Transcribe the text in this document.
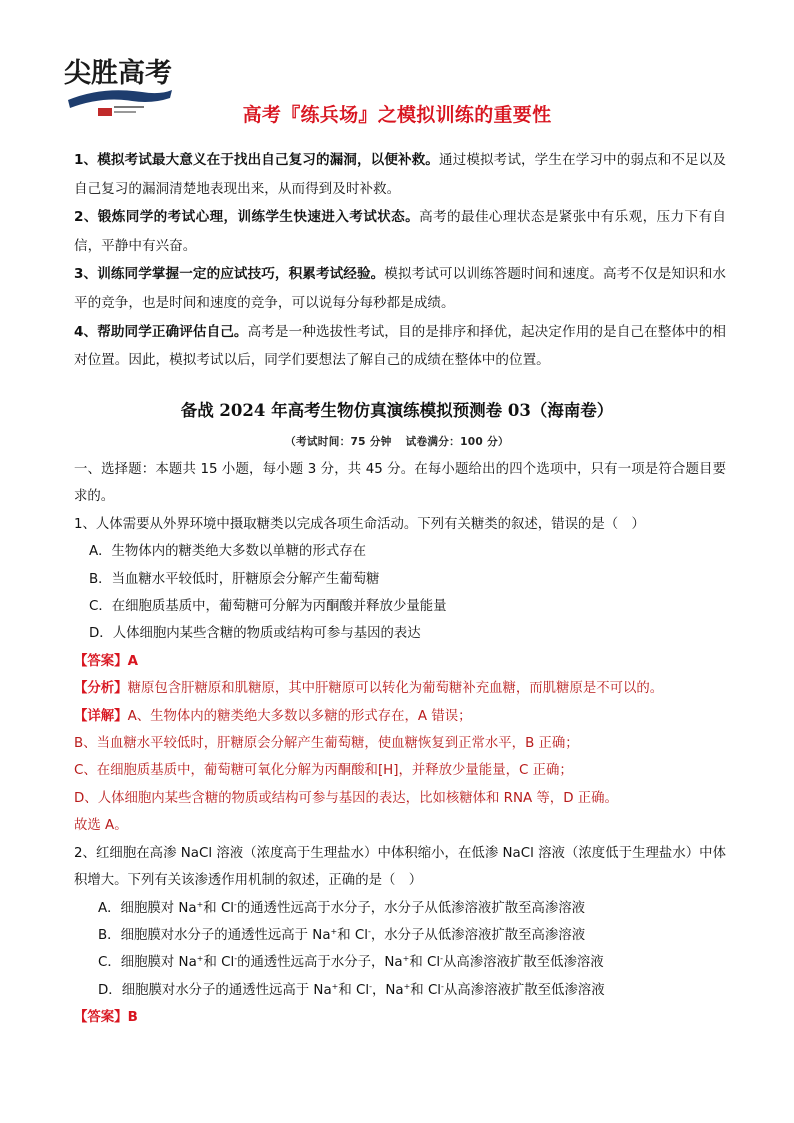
尖胜高考
高考『练兵场』之模拟训练的重要性

1、模拟考试最大意义在于找出自己复习的漏洞，以便补救。通过模拟考试，学生在学习中的弱点和不足以及自己复习的漏洞清楚地表现出来，从而得到及时补救。

2、锻炼同学的考试心理，训练学生快速进入考试状态。高考的最佳心理状态是紧张中有乐观，压力下有自信，平静中有兴奋。

3、训练同学掌握一定的应试技巧，积累考试经验。模拟考试可以训练答题时间和速度。高考不仅是知识和水平的竞争，也是时间和速度的竞争，可以说每分每秒都是成绩。

4、帮助同学正确评估自己。高考是一种选拔性考试，目的是排序和择优，起决定作用的是自己在整体中的相对位置。因此，模拟考试以后，同学们要想法了解自己的成绩在整体中的位置。

备战 2024 年高考生物仿真演练模拟预测卷 03（海南卷）
（考试时间：75 分钟 试卷满分：100 分）
一、选择题：本题共 15 小题，每小题 3 分，共 45 分。在每小题给出的四个选项中，只有一项是符合题目要求的。
1、人体需要从外界环境中摄取糖类以完成各项生命活动。下列有关糖类的叙述，错误的是（　）
A．生物体内的糖类绝大多数以单糖的形式存在
B．当血糖水平较低时，肝糖原会分解产生葡萄糖
C．在细胞质基质中，葡萄糖可分解为丙酮酸并释放少量能量
D．人体细胞内某些含糖的物质或结构可参与基因的表达
【答案】A
【分析】糖原包含肝糖原和肌糖原，其中肝糖原可以转化为葡萄糖补充血糖，而肌糖原是不可以的。
【详解】A、生物体内的糖类绝大多数以多糖的形式存在，A 错误；
B、当血糖水平较低时，肝糖原会分解产生葡萄糖，使血糖恢复到正常水平，B 正确；
C、在细胞质基质中，葡萄糖可氧化分解为丙酮酸和[H]，并释放少量能量，C 正确；
D、人体细胞内某些含糖的物质或结构可参与基因的表达，比如核糖体和 RNA 等，D 正确。
故选 A。
2、红细胞在高渗 NaCl 溶液（浓度高于生理盐水）中体积缩小，在低渗 NaCl 溶液（浓度低于生理盐水）中体积增大。下列有关该渗透作用机制的叙述，正确的是（　）
A．细胞膜对 Na+和 Cl-的通透性远高于水分子，水分子从低渗溶液扩散至高渗溶液
B．细胞膜对水分子的通透性远高于 Na+和 Cl-，水分子从低渗溶液扩散至高渗溶液
C．细胞膜对 Na+和 Cl-的通透性远高于水分子，Na+和 Cl-从高渗溶液扩散至低渗溶液
D．细胞膜对水分子的通透性远高于 Na+和 Cl-，Na+和 Cl-从高渗溶液扩散至低渗溶液
【答案】B
